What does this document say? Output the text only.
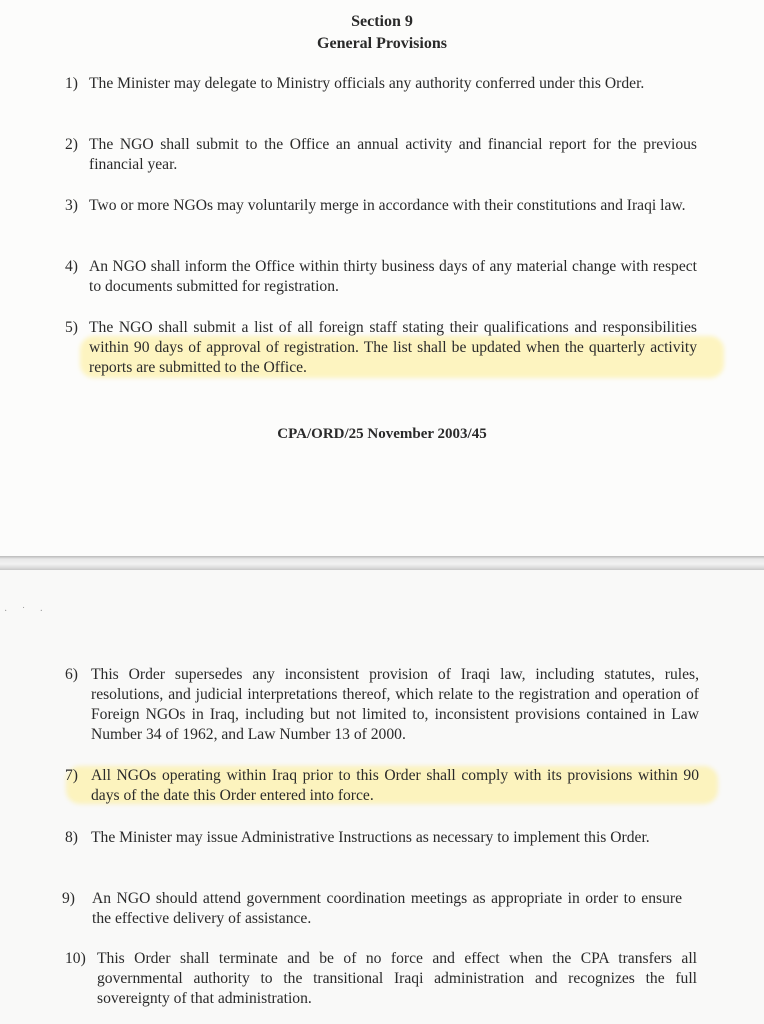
Section 9
General Provisions
1) The Minister may delegate to Ministry officials any authority conferred under this Order.
2) The NGO shall submit to the Office an annual activity and financial report for the previous financial year.
3) Two or more NGOs may voluntarily merge in accordance with their constitutions and Iraqi law.
4) An NGO shall inform the Office within thirty business days of any material change with respect to documents submitted for registration.
5) The NGO shall submit a list of all foreign staff stating their qualifications and responsibilities within 90 days of approval of registration. The list shall be updated when the quarterly activity reports are submitted to the Office.
CPA/ORD/25 November 2003/45
· ˙ ·
6) This Order supersedes any inconsistent provision of Iraqi law, including statutes, rules, resolutions, and judicial interpretations thereof, which relate to the registration and operation of Foreign NGOs in Iraq, including but not limited to, inconsistent provisions contained in Law Number 34 of 1962, and Law Number 13 of 2000.
7) All NGOs operating within Iraq prior to this Order shall comply with its provisions within 90 days of the date this Order entered into force.
8) The Minister may issue Administrative Instructions as necessary to implement this Order.
9)	An NGO should attend government coordination meetings as appropriate in order to ensure the effective delivery of assistance.
10) This Order shall terminate and be of no force and effect when the CPA transfers all governmental authority to the transitional Iraqi administration and recognizes the full sovereignty of that administration.
